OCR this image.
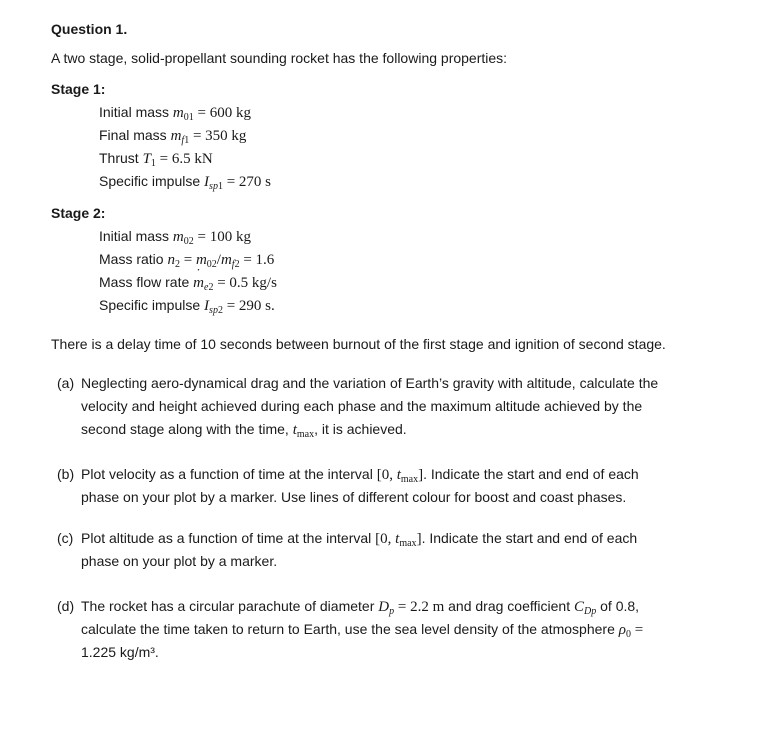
Question 1.
A two stage, solid-propellant sounding rocket has the following properties:
Stage 1:
Initial mass $m_{01} = 600$ kg
Final mass $m_{f1} = 350$ kg
Thrust $T_1 = 6.5$ kN
Specific impulse $I_{sp1} = 270$ s
Stage 2:
Initial mass $m_{02} = 100$ kg
Mass ratio $n_2 = m_{02}/m_{f2} = 1.6$
Mass flow rate m $˙_{e2} = 0.5$ kg/s
Specific impulse $I_{sp2} = 290$ s.
There is a delay time of 10 seconds between burnout of the first stage and ignition of second stage.
(a) Neglecting aero-dynamical drag and the variation of Earth’s gravity with altitude, calculate the
velocity and height achieved during each phase and the maximum altitude achieved by the
second stage along with the time, $t_{max}$, it is achieved.
(b) Plot velocity as a function of time at the interval [0, $t_{max}$]. Indicate the start and end of each
phase on your plot by a marker. Use lines of different colour for boost and coast phases.
(c) Plot altitude as a function of time at the interval [0, $t_{max}$]. Indicate the start and end of each
phase on your plot by a marker.
(d) The rocket has a circular parachute of diameter $D_p = 2.2$ m and drag coefficient $C_{Dp}$ of 0.8,
calculate the time taken to return to Earth, use the sea level density of the atmosphere $\rho_0$ =
1.225 kg/m³.
